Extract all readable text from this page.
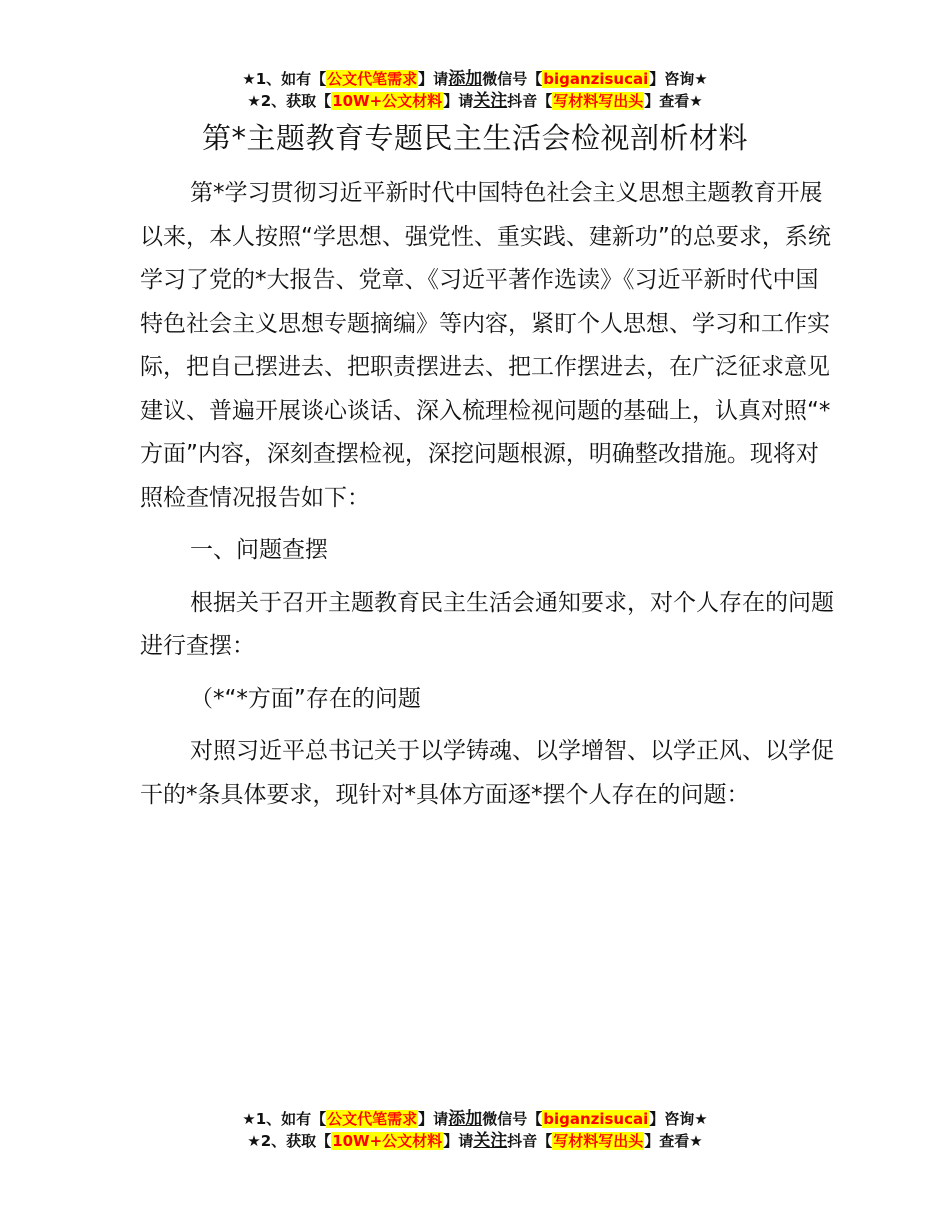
★1、如有【公文代笔需求】请添加微信号【biganzisucai】咨询★
★2、获取【10W+公文材料】请关注抖音【写材料写出头】查看★
第*主题教育专题民主生活会检视剖析材料

第*学习贯彻习近平新时代中国特色社会主义思想主题教育开展以来，本人按照“学思想、强党性、重实践、建新功”的总要求，系统学习了党的*大报告、党章、《习近平著作选读》《习近平新时代中国特色社会主义思想专题摘编》等内容，紧盯个人思想、学习和工作实际，把自己摆进去、把职责摆进去、把工作摆进去，在广泛征求意见建议、普遍开展谈心谈话、深入梳理检视问题的基础上，认真对照“*方面”内容，深刻查摆检视，深挖问题根源，明确整改措施。现将对照检查情况报告如下：

一、问题查摆

根据关于召开主题教育民主生活会通知要求，对个人存在的问题进行查摆：

（*“*方面”存在的问题

对照习近平总书记关于以学铸魂、以学增智、以学正风、以学促干的*条具体要求，现针对*具体方面逐*摆个人存在的问题：

★1、如有【公文代笔需求】请添加微信号【biganzisucai】咨询★
★2、获取【10W+公文材料】请关注抖音【写材料写出头】查看★
